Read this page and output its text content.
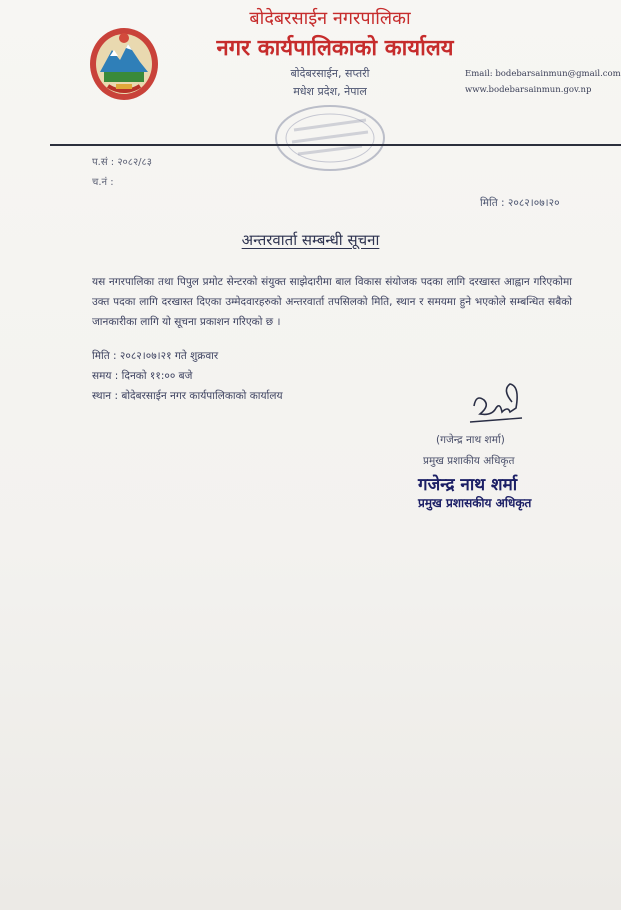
बोदेबरसाईन नगरपालिका
नगर कार्यपालिकाको कार्यालय
बोदेबरसाईन, सप्तरी
मधेश प्रदेश, नेपाल
Email: bodebarsainmun@gmail.com
www.bodebarsainmun.gov.np
प.सं : २०८२/८३
च.नं :
मिति : २०८२।०७।२०
अन्तरवार्ता सम्बन्धी सूचना
यस नगरपालिका तथा पिपुल प्रमोट सेन्टरको संयुक्त साझेदारीमा बाल विकास संयोजक पदका लागि दरखास्त आह्वान गरिएकोमा उक्त पदका लागि दरखास्त दिएका उम्मेदवारहरुको अन्तरवार्ता तपसिलको मिति, स्थान र समयमा हुने भएकोले सम्बन्धित सबैको जानकारीका लागि यो सूचना प्रकाशन गरिएको छ ।
मिति : २०८२।०७।२१ गते शुक्रवार
समय : दिनको ११:०० बजे
स्थान : बोदेबरसाईन नगर कार्यपालिकाको कार्यालय
(गजेन्द्र नाथ शर्मा)
प्रमुख प्रशाकीय अधिकृत
गजेन्द्र नाथ शर्मा
प्रमुख प्रशासकीय अधिकृत
